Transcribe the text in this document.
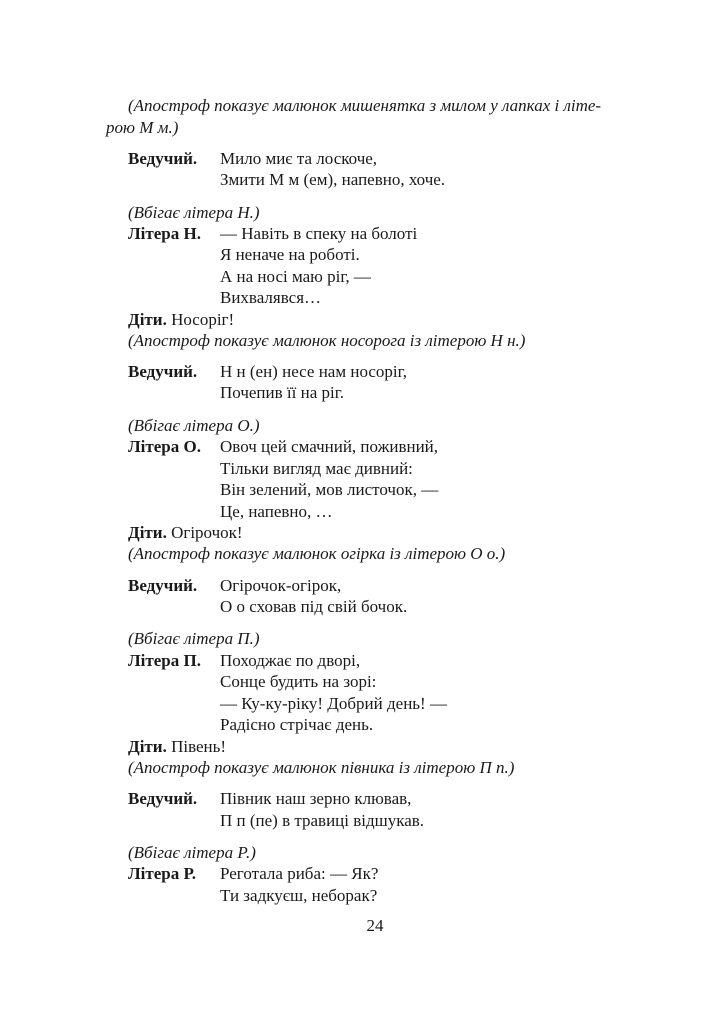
(Апостроф показує малюнок мишенятка з милом у лапках і літе-
рою М м.)
Ведучий. Мило миє та лоскоче,
Змити М м (ем), напевно, хоче.
(Вбігає літера Н.)
Літера Н. — Навіть в спеку на болоті
Я неначе на роботі.
А на носі маю ріг, —
Вихвалявся…
Діти. Носоріг!
(Апостроф показує малюнок носорога із літерою Н н.)
Ведучий. Н н (ен) несе нам носоріг,
Почепив її на ріг.
(Вбігає літера О.)
Літера О. Овоч цей смачний, поживний,
Тільки вигляд має дивний:
Він зелений, мов листочок, —
Це, напевно, …
Діти. Огірочок!
(Апостроф показує малюнок огірка із літерою О о.)
Ведучий. Огірочок-огірок,
О о сховав під свій бочок.
(Вбігає літера П.)
Літера П. Походжає по дворі,
Сонце будить на зорі:
— Ку-ку-ріку! Добрий день! —
Радісно стрічає день.
Діти. Півень!
(Апостроф показує малюнок півника із літерою П п.)
Ведучий. Півник наш зерно клював,
П п (пе) в травиці відшукав.
(Вбігає літера Р.)
Літера Р. Реготала риба: — Як?
Ти задкуєш, неборак?
24
